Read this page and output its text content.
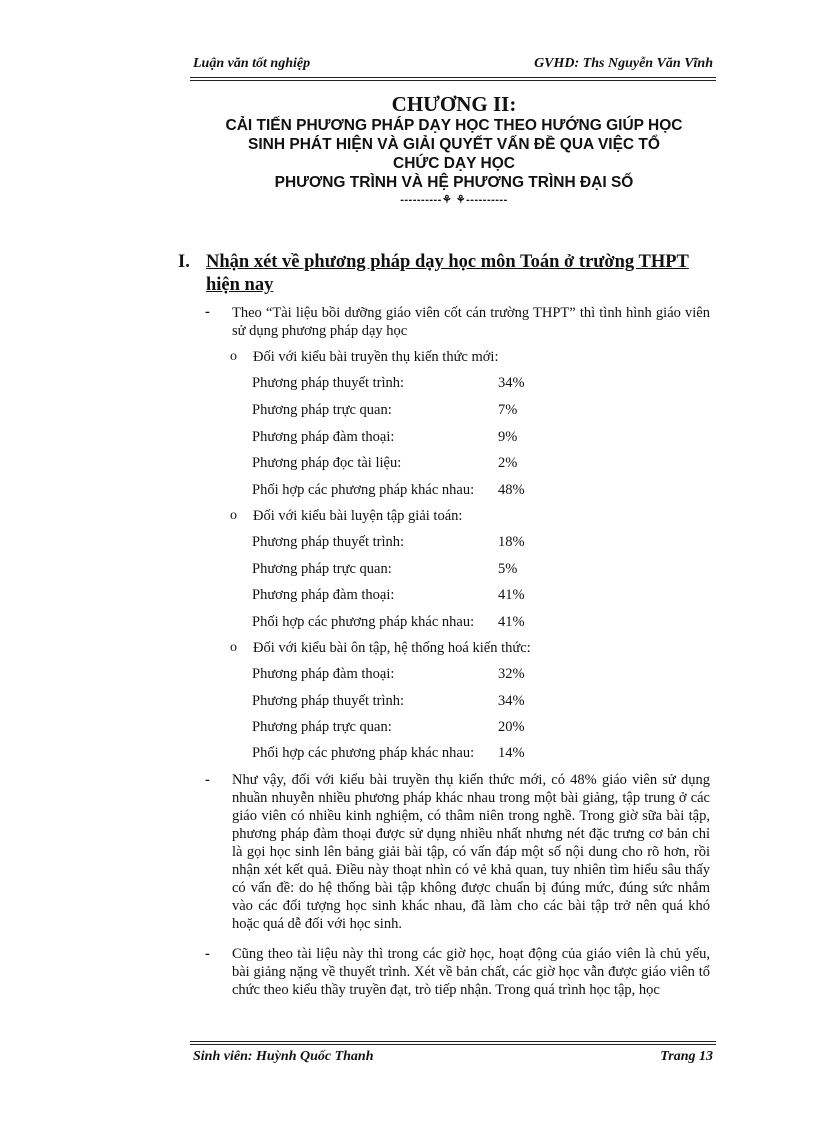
Luận văn tốt nghiệp	GVHD: Ths Nguyễn Văn Vĩnh
CHƯƠNG II:
CẢI TIẾN PHƯƠNG PHÁP DẠY HỌC THEO HƯỚNG GIÚP HỌC
SINH PHÁT HIỆN VÀ GIẢI QUYẾT VẤN ĐỀ QUA VIỆC TỔ
CHỨC DẠY HỌC
PHƯƠNG TRÌNH VÀ HỆ PHƯƠNG TRÌNH ĐẠI SỐ
----------⚘ ⚘----------
I. Nhận xét về phương pháp dạy học môn Toán ở trường THPT hiện nay
- Theo “Tài liệu bồi dưỡng giáo viên cốt cán trường THPT” thì tình hình giáo viên sử dụng phương pháp dạy học
o Đối với kiểu bài truyền thụ kiến thức mới:
Phương pháp thuyết trình:	34%
Phương pháp trực quan:	7%
Phương pháp đàm thoại:	9%
Phương pháp đọc tài liệu:	2%
Phối hợp các phương pháp khác nhau: 48%
o Đối với kiểu bài luyện tập giải toán:
Phương pháp thuyết trình:	18%
Phương pháp trực quan:	5%
Phương pháp đàm thoại:	41%
Phối hợp các phương pháp khác nhau: 41%
o Đối với kiểu bài ôn tập, hệ thống hoá kiến thức:
Phương pháp đàm thoại:	32%
Phương pháp thuyết trình:	34%
Phương pháp trực quan:	20%
Phối hợp các phương pháp khác nhau: 14%
- Như vậy, đối với kiểu bài truyền thụ kiến thức mới, có 48% giáo viên sử dụng nhuần nhuyễn nhiều phương pháp khác nhau trong một bài giảng, tập trung ở các giáo viên có nhiều kinh nghiệm, có thâm niên trong nghề. Trong giờ sữa bài tập, phương pháp đàm thoại được sử dụng nhiều nhất nhưng nét đặc trưng cơ bản chỉ là gọi học sinh lên bảng giải bài tập, có vấn đáp một số nội dung cho rõ hơn, rồi nhận xét kết quả. Điều này thoạt nhìn có vẻ khả quan, tuy nhiên tìm hiểu sâu thấy có vấn đề: do hệ thống bài tập không được chuẩn bị đúng mức, đúng sức nhắm vào các đối tượng học sinh khác nhau, đã làm cho các bài tập trở nên quá khó hoặc quá dễ đối với học sinh.
- Cũng theo tài liệu này thì trong các giờ học, hoạt động của giáo viên là chủ yếu, bài giảng nặng về thuyết trình. Xét về bản chất, các giờ học vẫn được giáo viên tổ chức theo kiểu thầy truyền đạt, trò tiếp nhận. Trong quá trình học tập, học
Sinh viên: Huỳnh Quốc Thanh	Trang 13
